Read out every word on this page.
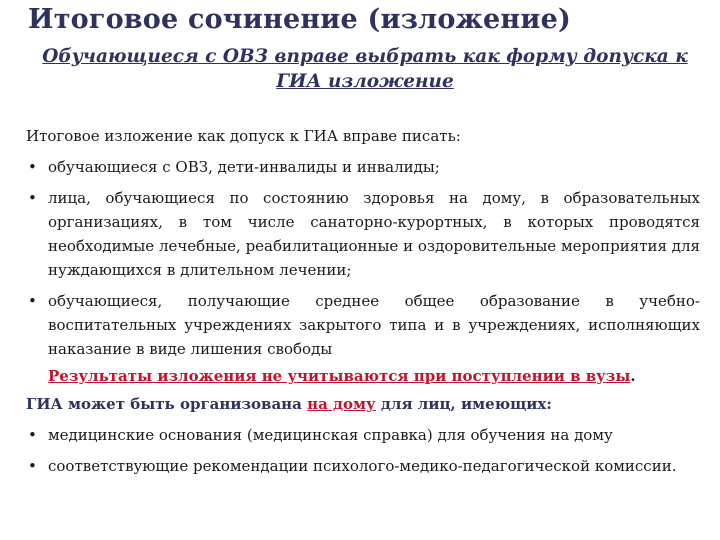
Итоговое сочинение (изложение)
Обучающиеся с ОВЗ вправе выбрать как форму допуска к ГИА изложение

Итоговое изложение как допуск к ГИА вправе писать:

• обучающиеся с ОВЗ, дети-инвалиды и инвалиды;
• лица, обучающиеся по состоянию здоровья на дому, в образовательных организациях, в том числе санаторно-курортных, в которых проводятся необходимые лечебные, реабилитационные и оздоровительные мероприятия для нуждающихся в длительном лечении;
• обучающиеся, получающие среднее общее образование в учебно-воспитательных учреждениях закрытого типа и в учреждениях, исполняющих наказание в виде лишения свободы

Результаты изложения не учитываются при поступлении в вузы.

ГИА может быть организована на дому для лиц, имеющих:

• медицинские основания (медицинская справка) для обучения на дому
• соответствующие рекомендации психолого-медико-педагогической комиссии.
